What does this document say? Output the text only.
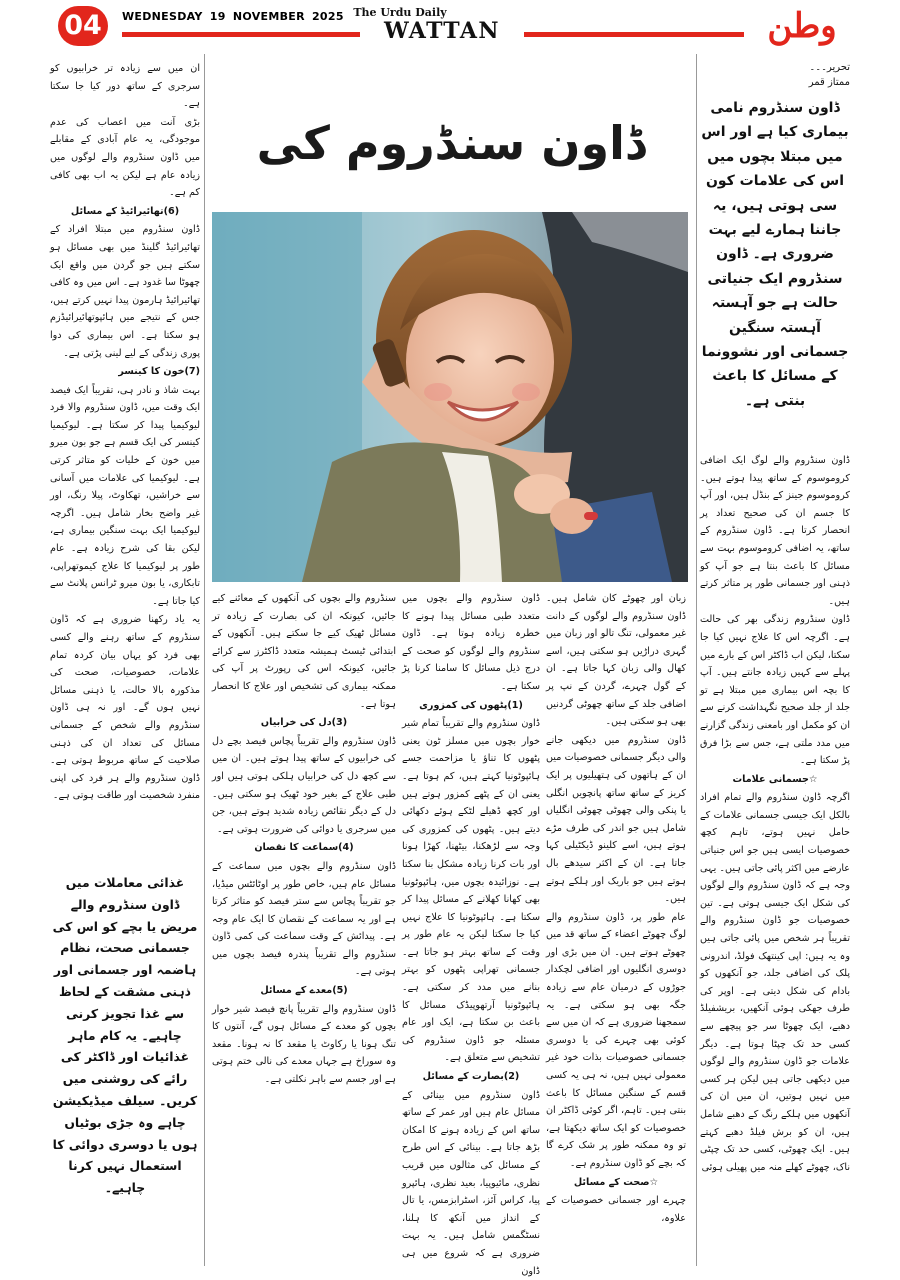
04	WEDNESDAY 19 NOVEMBER 2025 The Urdu Daily
WATTAN	وطن
تحریر۔۔۔
ممتاز قمر
ڈاون سنڈروم نامی بیماری کیا ہے اور اس میں مبتلا بچوں میں اس کی علامات کون سی ہوتی ہیں، یہ جاننا ہمارے لیے بہت ضروری ہے۔ ڈاون سنڈروم ایک جنیاتی حالت ہے جو آہستہ آہستہ سنگین جسمانی اور نشوونما کے مسائل کا باعث بنتی ہے۔

ڈاون سنڈروم والے لوگ ایک اضافی کروموسوم کے ساتھ پیدا ہوتے ہیں۔ کروموسوم جینز کے بنڈل ہیں، اور آپ کا جسم ان کی صحیح تعداد پر انحصار کرتا ہے۔ ڈاون سنڈروم کے ساتھ، یہ اضافی کروموسوم بہت سے مسائل کا باعث بنتا ہے جو آپ کو ذہنی اور جسمانی طور پر متاثر کرتے ہیں۔

ڈاون سنڈروم زندگی بھر کی حالت ہے۔ اگرچہ اس کا علاج نہیں کیا جا سکتا، لیکن اب ڈاکٹر اس کے بارے میں پہلے سے کہیں زیادہ جانتے ہیں۔ آپ کا بچہ اس بیماری میں مبتلا ہے تو جلد از جلد صحیح نگہداشت کرنے سے ان کو مکمل اور بامعنی زندگی گزارنے میں مدد ملتی ہے، جس سے بڑا فرق پڑ سکتا ہے۔

☆جسمانی علامات

اگرچہ ڈاون سنڈروم والے تمام افراد بالکل ایک جیسی جسمانی علامات کے حامل نہیں ہوتے، تاہم کچھ خصوصیات ایسی ہیں جو اس جنیاتی عارضے میں اکثر پائی جاتی ہیں۔ یہی وجہ ہے کہ ڈاون سنڈروم والے لوگوں کی شکل ایک جیسی ہوتی ہے۔ تین خصوصیات جو ڈاون سنڈروم والے تقریباً ہر شخص میں پائی جاتی ہیں وہ یہ ہیں: اپی کینتھک فولڈ، اندرونی پلک کی اضافی جلد، جو آنکھوں کو بادام کی شکل دیتی ہے۔ اوپر کی طرف جھکی ہوئی آنکھیں، بریشفیلڈ دھبے، ایک چھوٹا سر جو پیچھے سے کسی حد تک چپٹا ہوتا ہے۔ دیگر علامات جو ڈاون سنڈروم والے لوگوں میں دیکھی جاتی ہیں لیکن ہر کسی میں نہیں ہوتیں، ان میں ان کی آنکھوں میں ہلکے رنگ کے دھبے شامل ہیں، ان کو برش فیلڈ دھبے کہتے ہیں۔ ایک چھوٹی، کسی حد تک چپٹی ناک، چھوٹے کھلے منہ میں پھیلی ہوئی

ڈاون سنڈروم کی

زبان اور چھوٹے کان شامل ہیں۔ ڈاون سنڈروم والے لوگوں کے دانت غیر معمولی، تنگ تالو اور زبان میں گہری دراڑیں ہو سکتی ہیں، اسے کھال والی زبان کہا جاتا ہے۔ ان کے گول چہرے، گردن کے نپ پر اضافی جلد کے ساتھ چھوٹی گردنیں بھی ہو سکتی ہیں۔

ڈاون سنڈروم میں دیکھی جانے والی دیگر جسمانی خصوصیات میں ان کے ہاتھوں کی ہتھیلیوں پر ایک کریز کے ساتھ ساتھ پانچویں انگلی یا پنکی والی چھوٹی چھوٹی انگلیاں شامل ہیں جو اندر کی طرف مڑے ہوتے ہیں، اسے کلینو ڈیکٹیلی کہا جاتا ہے۔ ان کے اکثر سیدھے بال ہوتے ہیں جو باریک اور ہلکے ہوتے ہیں۔

عام طور پر، ڈاون سنڈروم والے لوگ چھوٹے اعضاء کے ساتھ قد میں چھوٹے ہوتے ہیں۔ ان میں بڑی اور دوسری انگلیوں اور اضافی لچکدار جوڑوں کے درمیان عام سے زیادہ جگہ بھی ہو سکتی ہے۔ یہ سمجھنا ضروری ہے کہ ان میں سے کوئی بھی چہرے کی یا دوسری جسمانی خصوصیات بذات خود غیر معمولی نہیں ہیں، نہ ہی یہ کسی قسم کے سنگین مسائل کا باعث بنتی ہیں۔ تاہم، اگر کوئی ڈاکٹر ان خصوصیات کو ایک ساتھ دیکھتا ہے، تو وہ ممکنہ طور پر شک کرے گا کہ بچے کو ڈاون سنڈروم ہے۔

☆صحت کے مسائل

چہرے اور جسمانی خصوصیات کے علاوہ،

ڈاون سنڈروم والے بچوں میں متعدد طبی مسائل پیدا ہونے کا خطرہ زیادہ ہوتا ہے۔ ڈاون سنڈروم والے لوگوں کو صحت کے درج ذیل مسائل کا سامنا کرنا پڑ سکتا ہے۔

(1)پٹھوں کی کمزوری

ڈاون سنڈروم والے تقریباً تمام شیر خوار بچوں میں مسلز ٹون یعنی پٹھوں کا تناؤ یا مزاحمت جسے ہائپوٹونیا کہتے ہیں، کم ہوتا ہے۔ یعنی ان کے پٹھے کمزور ہوتے ہیں اور کچھ ڈھیلے لٹکے ہوئے دکھائی دیتے ہیں۔ پٹھوں کی کمزوری کی وجہ سے لڑھکنا، بیٹھنا، کھڑا ہونا اور بات کرنا زیادہ مشکل بنا سکتا ہے۔ نوزائیدہ بچوں میں، ہائپوٹونیا بھی کھانا کھلانے کے مسائل پیدا کر سکتا ہے۔ ہائپوٹونیا کا علاج نہیں کیا جا سکتا لیکن یہ عام طور پر وقت کے ساتھ بہتر ہو جاتا ہے۔ جسمانی تھراپی پٹھوں کو بہتر بنانے میں مدد کر سکتی ہے۔ ہائپوٹونیا آرتھوپیڈک مسائل کا باعث بن سکتا ہے، ایک اور عام مسئلہ جو ڈاون سنڈروم کی تشخیص سے متعلق ہے۔

(2)بصارت کے مسائل

ڈاون سنڈروم میں بینائی کے مسائل عام ہیں اور عمر کے ساتھ ساتھ اس کے زیادہ ہونے کا امکان بڑھ جاتا ہے۔ بینائی کے اس طرح کے مسائل کی مثالوں میں قریب نظری، مائیوپیا، بعید نظری، ہائپرو پیا، کراس آئز، اسٹرابزمس، یا تال کے انداز میں آنکھ کا ہلنا، نسٹگمس شامل ہیں۔ یہ بہت ضروری ہے کہ شروع میں ہی ڈاون

سنڈروم والے بچوں کی آنکھوں کے معائنے کیے جائیں، کیونکہ ان کی بصارت کے زیادہ تر مسائل ٹھیک کیے جا سکتے ہیں۔ آنکھوں کے ابتدائی ٹیسٹ ہمیشہ متعدد ڈاکٹرز سے کرائے جائیں، کیونکہ اس کی رپورٹ پر آپ کی ممکنہ بیماری کی تشخیص اور علاج کا انحصار ہوتا ہے۔

(3)دل کی خرابیاں

ڈاون سنڈروم والے تقریباً پچاس فیصد بچے دل کی خرابیوں کے ساتھ پیدا ہوتے ہیں۔ ان میں سے کچھ دل کی خرابیاں ہلکی ہوتی ہیں اور طبی علاج کے بغیر خود ٹھیک ہو سکتی ہیں۔ دل کے دیگر نقائص زیادہ شدید ہوتے ہیں، جن میں سرجری یا دوائی کی ضرورت ہوتی ہے۔

(4)سماعت کا نقصان

ڈاون سنڈروم والے بچوں میں سماعت کے مسائل عام ہیں، خاص طور پر اوٹائٹس میڈیا، جو تقریباً پچاس سے ستر فیصد کو متاثر کرتا ہے اور یہ سماعت کے نقصان کا ایک عام وجہ ہے۔ پیدائش کے وقت سماعت کی کمی ڈاون سنڈروم والے تقریباً پندرہ فیصد بچوں میں ہوتی ہے۔

(5)معدے کے مسائل

ڈاون سنڈروم والے تقریباً پانچ فیصد شیر خوار بچوں کو معدے کے مسائل ہوں گے، آنتوں کا تنگ ہونا یا رکاوٹ یا مقعد کا نہ ہونا۔ مقعد وہ سوراخ ہے جہاں معدے کی نالی ختم ہوتی ہے اور جسم سے باہر نکلتی ہے۔

ان میں سے زیادہ تر خرابیوں کو سرجری کے ساتھ دور کیا جا سکتا ہے۔

بڑی آنت میں اعصاب کی عدم موجودگی، یہ عام آبادی کے مقابلے میں ڈاون سنڈروم والے لوگوں میں زیادہ عام ہے لیکن یہ اب بھی کافی کم ہے۔

(6)تھائیرائیڈ کے مسائل

ڈاون سنڈروم میں مبتلا افراد کے تھائیرائیڈ گلینڈ میں بھی مسائل ہو سکتے ہیں جو گردن میں واقع ایک چھوٹا سا غدود ہے۔ اس میں وہ کافی تھائیرائیڈ ہارمون پیدا نہیں کرتے ہیں، جس کے نتیجے میں ہائپوتھائیرائیڈزم ہو سکتا ہے۔ اس بیماری کی دوا پوری زندگی کے لیے لینی پڑتی ہے۔

(7)خون کا کینسر

بہت شاذ و نادر ہی، تقریباً ایک فیصد ایک وقت میں، ڈاون سنڈروم والا فرد لیوکیمیا پیدا کر سکتا ہے۔ لیوکیمیا کینسر کی ایک قسم ہے جو بون میرو میں خون کے خلیات کو متاثر کرتی ہے۔ لیوکیمیا کی علامات میں آسانی سے خراشیں، تھکاوٹ، پیلا رنگ، اور غیر واضح بخار شامل ہیں۔ اگرچہ لیوکیمیا ایک بہت سنگین بیماری ہے، لیکن بقا کی شرح زیادہ ہے۔ عام طور پر لیوکیمیا کا علاج کیموتھراپی، تابکاری، یا بون میرو ٹرانس پلانٹ سے کیا جاتا ہے۔

یہ یاد رکھنا ضروری ہے کہ ڈاون سنڈروم کے ساتھ رہنے والے کسی بھی فرد کو یہاں بیان کردہ تمام علامات، خصوصیات، صحت کی مذکورہ بالا حالت، یا ذہنی مسائل نہیں ہوں گے۔ اور نہ ہی ڈاون سنڈروم والے شخص کے جسمانی مسائل کی تعداد ان کی ذہنی صلاحیت کے ساتھ مربوط ہوتی ہے۔ ڈاون سنڈروم والے ہر فرد کی اپنی منفرد شخصیت اور طاقت ہوتی ہے۔

غذائی معاملات میں ڈاون سنڈروم والے مریض یا بچے کو اس کی جسمانی صحت، نظام ہاضمہ اور جسمانی اور ذہنی مشقت کے لحاظ سے غذا تجویز کرنی چاہیے۔ یہ کام ماہر غذائیات اور ڈاکٹر کی رائے کی روشنی میں کریں۔ سیلف میڈیکیشن چاہے وہ جڑی بوٹیاں ہوں یا دوسری دوائی کا استعمال نہیں کرنا چاہیے۔
